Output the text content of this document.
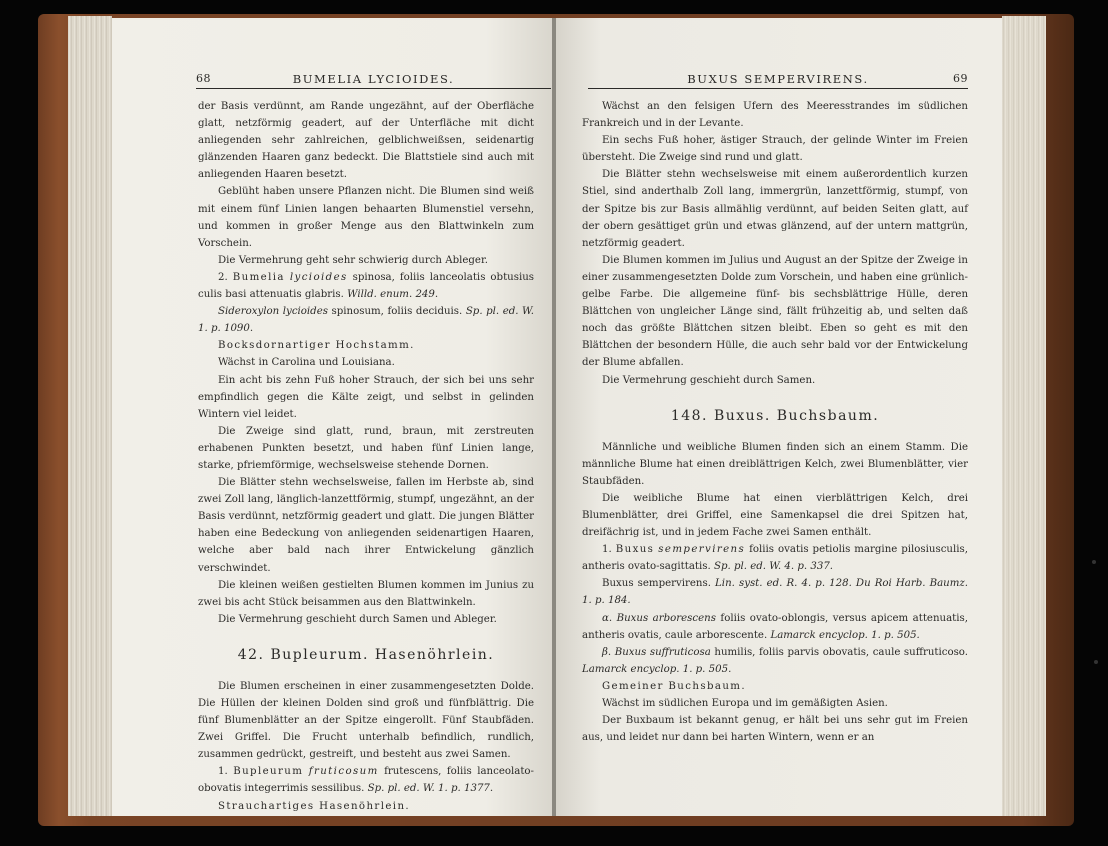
68	BUMELIA LYCIOIDES.

der Basis verdünnt, am Rande ungezähnt, auf der Oberfläche glatt, netzförmig geadert, auf der Unterfläche mit dicht anliegenden sehr zahlreichen, gelblichweißsen, seidenartig glänzenden Haaren ganz bedeckt. Die Blattstiele sind auch mit anliegenden Haaren besetzt.

Geblüht haben unsere Pflanzen nicht. Die Blumen sind weiß mit einem fünf Linien langen behaarten Blumenstiel versehn, und kommen in großer Menge aus den Blattwinkeln zum Vorschein.

Die Vermehrung geht sehr schwierig durch Ableger.

2. Bumelia lycioides spinosa, foliis lanceolatis obtusius culis basi attenuatis glabris. Willd. enum. 249.

Sideroxylon lycioides spinosum, foliis deciduis. Sp. pl. ed. W. 1. p. 1090.

Bocksdornartiger Hochstamm.

Wächst in Carolina und Louisiana.

Ein acht bis zehn Fuß hoher Strauch, der sich bei uns sehr empfindlich gegen die Kälte zeigt, und selbst in gelinden Wintern viel leidet.

Die Zweige sind glatt, rund, braun, mit zerstreuten erhabenen Punkten besetzt, und haben fünf Linien lange, starke, pfriemförmige, wechselsweise stehende Dornen.

Die Blätter stehn wechselsweise, fallen im Herbste ab, sind zwei Zoll lang, länglich-lanzettförmig, stumpf, ungezähnt, an der Basis verdünnt, netzförmig geadert und glatt. Die jungen Blätter haben eine Bedeckung von anliegenden seidenartigen Haaren, welche aber bald nach ihrer Entwickelung gänzlich verschwindet.

Die kleinen weißen gestielten Blumen kommen im Junius zu zwei bis acht Stück beisammen aus den Blattwinkeln.

Die Vermehrung geschieht durch Samen und Ableger.

42. Bupleurum. Hasenöhrlein.

Die Blumen erscheinen in einer zusammengesetzten Dolde. Die Hüllen der kleinen Dolden sind groß und fünfblättrig. Die fünf Blumenblätter an der Spitze eingerollt. Fünf Staubfäden. Zwei Griffel. Die Frucht unterhalb befindlich, rundlich, zusammen gedrückt, gestreift, und besteht aus zwei Samen.

1. Bupleurum fruticosum frutescens, foliis lanceolato-obovatis integerrimis sessilibus. Sp. pl. ed. W. 1. p. 1377.

Strauchartiges Hasenöhrlein.

BUXUS SEMPERVIRENS.	69

Wächst an den felsigen Ufern des Meeresstrandes im südlichen Frankreich und in der Levante.

Ein sechs Fuß hoher, ästiger Strauch, der gelinde Winter im Freien übersteht. Die Zweige sind rund und glatt.

Die Blätter stehn wechselsweise mit einem außerordentlich kurzen Stiel, sind anderthalb Zoll lang, immergrün, lanzettförmig, stumpf, von der Spitze bis zur Basis allmählig verdünnt, auf beiden Seiten glatt, auf der obern gesättiget grün und etwas glänzend, auf der untern mattgrün, netzförmig geadert.

Die Blumen kommen im Julius und August an der Spitze der Zweige in einer zusammengesetzten Dolde zum Vorschein, und haben eine grünlich-gelbe Farbe. Die allgemeine fünf- bis sechsblättrige Hülle, deren Blättchen von ungleicher Länge sind, fällt frühzeitig ab, und selten daß noch das größte Blättchen sitzen bleibt. Eben so geht es mit den Blättchen der besondern Hülle, die auch sehr bald vor der Entwickelung der Blume abfallen.

Die Vermehrung geschieht durch Samen.

148. Buxus. Buchsbaum.

Männliche und weibliche Blumen finden sich an einem Stamm. Die männliche Blume hat einen dreiblättrigen Kelch, zwei Blumenblätter, vier Staubfäden.

Die weibliche Blume hat einen vierblättrigen Kelch, drei Blumenblätter, drei Griffel, eine Samenkapsel die drei Spitzen hat, dreifächrig ist, und in jedem Fache zwei Samen enthält.

1. Buxus sempervirens foliis ovatis petiolis margine pilosiusculis, antheris ovato-sagittatis. Sp. pl. ed. W. 4. p. 337.

Buxus sempervirens. Lin. syst. ed. R. 4. p. 128. Du Roi Harb. Baumz. 1. p. 184.

α. Buxus arborescens foliis ovato-oblongis, versus apicem attenuatis, antheris ovatis, caule arborescente. Lamarck encyclop. 1. p. 505.

β. Buxus suffruticosa humilis, foliis parvis obovatis, caule suffruticoso. Lamarck encyclop. 1. p. 505.

Gemeiner Buchsbaum.

Wächst im südlichen Europa und im gemäßigten Asien.

Der Buxbaum ist bekannt genug, er hält bei uns sehr gut im Freien aus, und leidet nur dann bei harten Wintern, wenn er an
